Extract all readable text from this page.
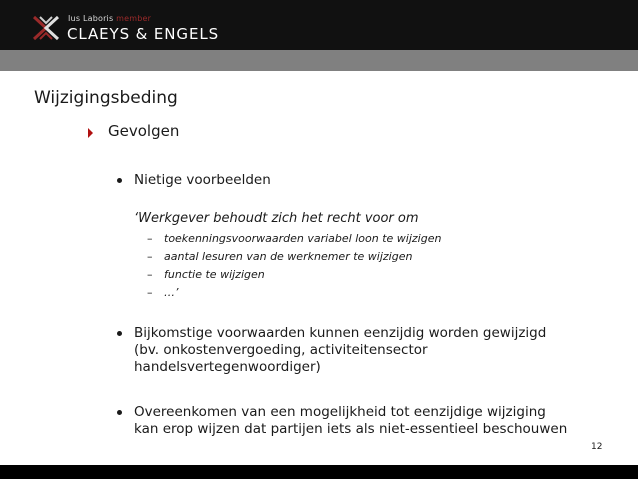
Ius Laboris member
CLAEYS & ENGELS
Wijzigingsbeding
Gevolgen
Nietige voorbeelden
‘Werkgever behoudt zich het recht voor om
– toekenningsvoorwaarden variabel loon te wijzigen
– aantal lesuren van de werknemer te wijzigen
– functie te wijzigen
– …’
Bijkomstige voorwaarden kunnen eenzijdig worden gewijzigd
(bv. onkostenvergoeding, activiteitensector
handelsvertegenwoordiger)
Overeenkomen van een mogelijkheid tot eenzijdige wijziging
kan erop wijzen dat partijen iets als niet-essentieel beschouwen
12
